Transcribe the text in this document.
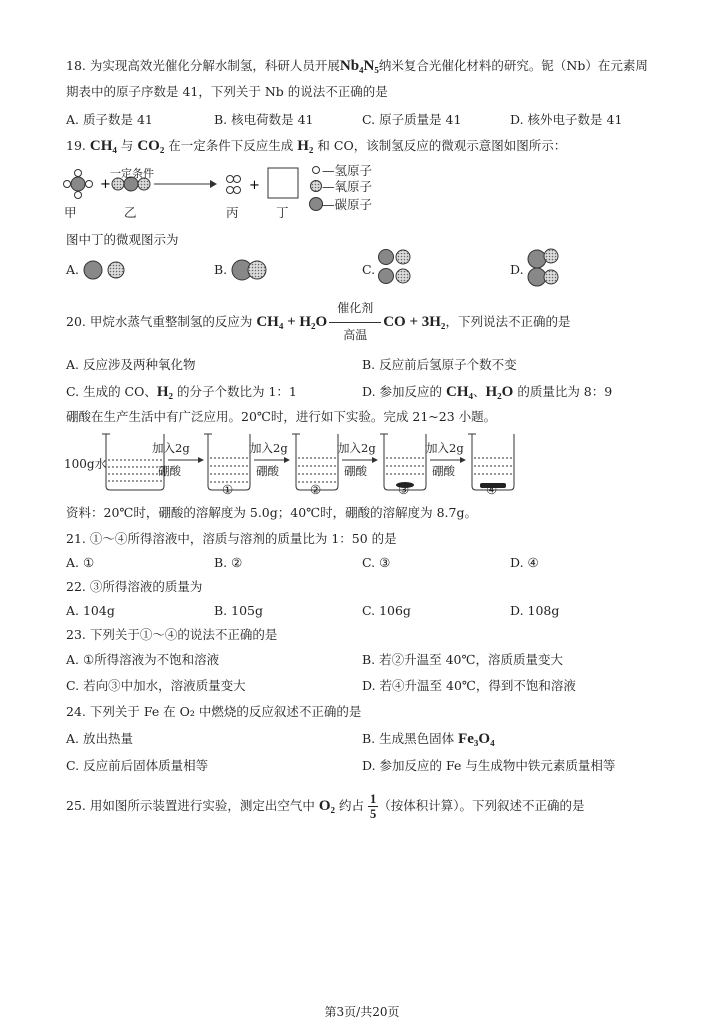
18. 为实现高效光催化分解水制氢，科研人员开展Nb₄N₅纳米复合光催化材料的研究。铌（Nb）在元素周
期表中的原子序数是 41，下列关于 Nb 的说法不正确的是
A. 质子数是 41	B. 核电荷数是 41	C. 原子质量是 41	D. 核外电子数是 41
19. CH₄ 与 CO₂ 在一定条件下反应生成 H₂ 和 CO，该制氢反应的微观示意图如图所示：
+	+
一定条件
甲	乙	丙	丁
—氢原子
—氧原子
—碳原子
图中丁的微观图示为
A.	B.	C.	D.
20. 甲烷水蒸气重整制氢的反应为 CH₄ + H₂O
催化剂
高温
CO + 3H₂，下列说法不正确的是
A. 反应涉及两种氧化物	B. 反应前后氢原子个数不变
C. 生成的 CO、H₂ 的分子个数比为 1：1	D. 参加反应的 CH₄、H₂O 的质量比为 8：9
硼酸在生产生活中有广泛应用。20℃时，进行如下实验。完成 21~23 小题。
100g水
加入2g
硼酸
加入2g
硼酸
加入2g
硼酸
加入2g
硼酸
①	②	③	④
资料：20℃时，硼酸的溶解度为 5.0g；40℃时，硼酸的溶解度为 8.7g。
21. ①～④所得溶液中，溶质与溶剂的质量比为 1：50 的是
A. ①	B. ②	C. ③	D. ④
22. ③所得溶液的质量为
A. 104g	B. 105g	C. 106g	D. 108g
23. 下列关于①～④的说法不正确的是
A. ①所得溶液为不饱和溶液	B. 若②升温至 40℃，溶质质量变大
C. 若向③中加水，溶液质量变大	D. 若④升温至 40℃，得到不饱和溶液
24. 下列关于 Fe 在 O₂ 中燃烧的反应叙述不正确的是
A. 放出热量	B. 生成黑色固体 Fe₃O₄
C. 反应前后固体质量相等	D. 参加反应的 Fe 与生成物中铁元素质量相等
25. 用如图所示装置进行实验，测定出空气中 O₂ 约占 $\frac{1}{5}$ （按体积计算）。下列叙述不正确的是
第3页/共20页
